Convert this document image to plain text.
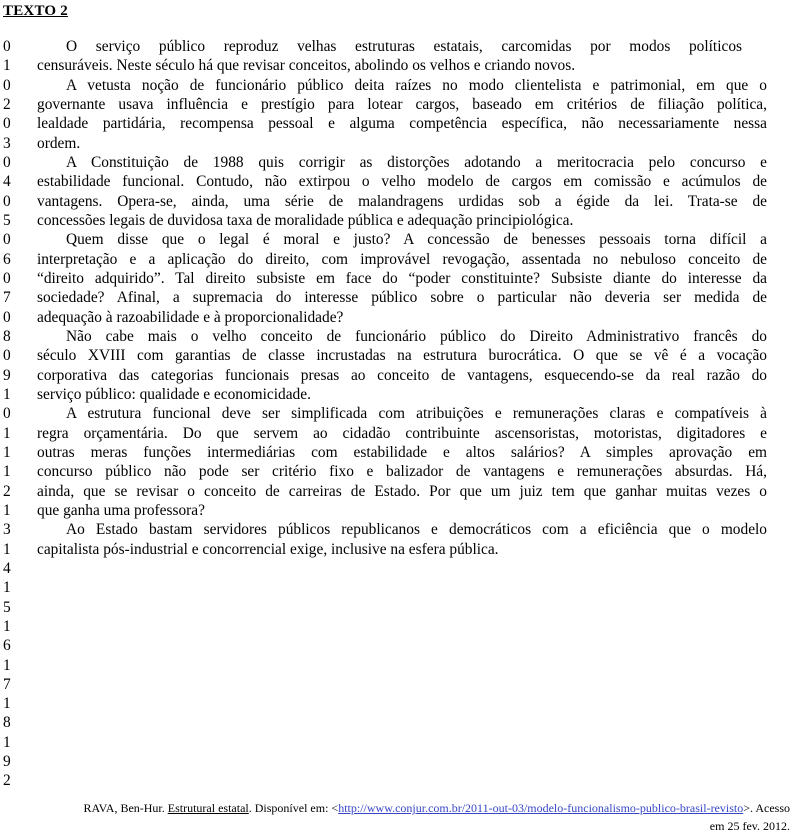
TEXTO 2
0	O serviço público reproduz velhas estruturas estatais, carcomidas por modos políticos
1	censuráveis. Neste século há que revisar conceitos, abolindo os velhos e criando novos.
0	A vetusta noção de funcionário público deita raízes no modo clientelista e patrimonial, em que o
2	governante usava influência e prestígio para lotear cargos, baseado em critérios de filiação política,
0	lealdade partidária, recompensa pessoal e alguma competência específica, não necessariamente nessa
3	ordem.
0	A Constituição de 1988 quis corrigir as distorções adotando a meritocracia pelo concurso e
4	estabilidade funcional. Contudo, não extirpou o velho modelo de cargos em comissão e acúmulos de
0	vantagens. Opera-se, ainda, uma série de malandragens urdidas sob a égide da lei. Trata-se de
5	concessões legais de duvidosa taxa de moralidade pública e adequação principiológica.
0	Quem disse que o legal é moral e justo? A concessão de benesses pessoais torna difícil a
6	interpretação e a aplicação do direito, com improvável revogação, assentada no nebuloso conceito de
0	“direito adquirido”. Tal direito subsiste em face do “poder constituinte? Subsiste diante do interesse da
7	sociedade? Afinal, a supremacia do interesse público sobre o particular não deveria ser medida de
0	adequação à razoabilidade e à proporcionalidade?
8	Não cabe mais o velho conceito de funcionário público do Direito Administrativo francês do
0	século XVIII com garantias de classe incrustadas na estrutura burocrática. O que se vê é a vocação
9	corporativa das categorias funcionais presas ao conceito de vantagens, esquecendo-se da real razão do
1	serviço público: qualidade e economicidade.
0	A estrutura funcional deve ser simplificada com atribuições e remunerações claras e compatíveis à
1	regra orçamentária. Do que servem ao cidadão contribuinte ascensoristas, motoristas, digitadores e
1	outras meras funções intermediárias com estabilidade e altos salários? A simples aprovação em
1	concurso público não pode ser critério fixo e balizador de vantagens e remunerações absurdas. Há,
2	ainda, que se revisar o conceito de carreiras de Estado. Por que um juiz tem que ganhar muitas vezes o
1	que ganha uma professora?
3	Ao Estado bastam servidores públicos republicanos e democráticos com a eficiência que o modelo
1	capitalista pós-industrial e concorrencial exige, inclusive na esfera pública.
4
1
5
1
6
1
7
1
8
1
9
2
RAVA, Ben-Hur. Estrutural estatal. Disponível em: <http://www.conjur.com.br/2011-out-03/modelo-funcionalismo-publico-brasil-revisto>. Acesso
em 25 fev. 2012.
